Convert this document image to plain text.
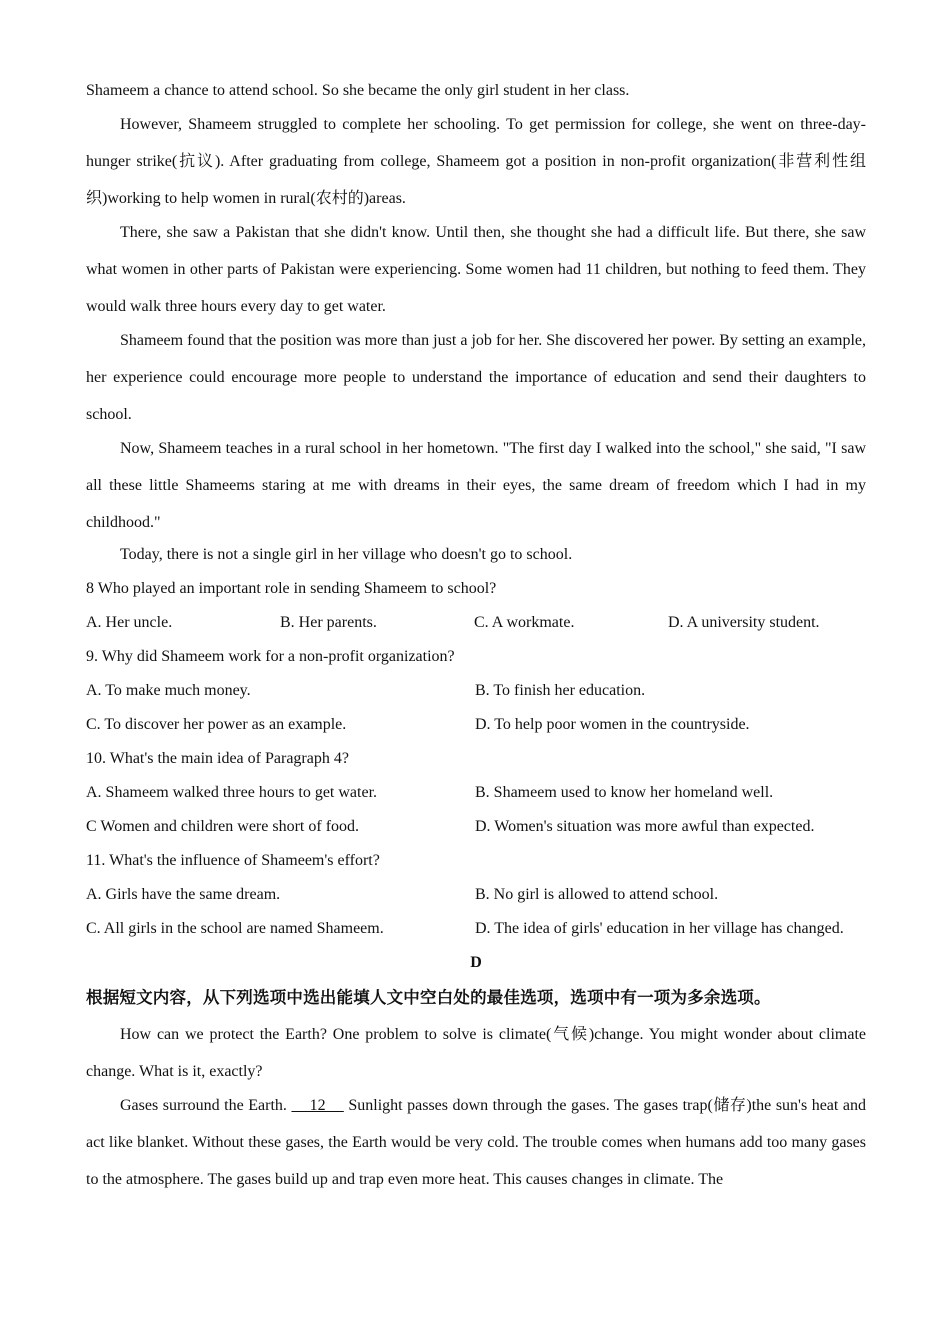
Shameem a chance to attend school. So she became the only girl student in her class.

However, Shameem struggled to complete her schooling. To get permission for college, she went on three-day- hunger strike(抗议). After graduating from college, Shameem got a position in non-profit organization(非营利性组织)working to help women in rural(农村的)areas.

There, she saw a Pakistan that she didn't know. Until then, she thought she had a difficult life. But there, she saw what women in other parts of Pakistan were experiencing. Some women had 11 children, but nothing to feed them. They would walk three hours every day to get water.

Shameem found that the position was more than just a job for her. She discovered her power. By setting an example, her experience could encourage more people to understand the importance of education and send their daughters to school.

Now, Shameem teaches in a rural school in her hometown. "The first day I walked into the school," she said, "I saw all these little Shameems staring at me with dreams in their eyes, the same dream of freedom which I had in my childhood."

Today, there is not a single girl in her village who doesn't go to school.

8 Who played an important role in sending Shameem to school?

A. Her uncle.	B. Her parents.	C. A workmate.	D. A university student.

9. Why did Shameem work for a non-profit organization?

A. To make much money.	B. To finish her education.
C. To discover her power as an example.	D. To help poor women in the countryside.

10. What's the main idea of Paragraph 4?

A. Shameem walked three hours to get water.	B. Shameem used to know her homeland well.
C Women and children were short of food.	D. Women's situation was more awful than expected.

11. What's the influence of Shameem's effort?

A. Girls have the same dream.	B. No girl is allowed to attend school.
C. All girls in the school are named Shameem.	D. The idea of girls' education in her village has changed.

D

根据短文内容，从下列选项中选出能填人文中空白处的最佳选项，选项中有一项为多余选项。

How can we protect the Earth? One problem to solve is climate(气候)change. You might wonder about climate change. What is it, exactly?

Gases surround the Earth.     12     Sunlight passes down through the gases. The gases trap(储存)the sun's heat and act like blanket. Without these gases, the Earth would be very cold. The trouble comes when humans add too many gases to the atmosphere. The gases build up and trap even more heat. This causes changes in climate. The
